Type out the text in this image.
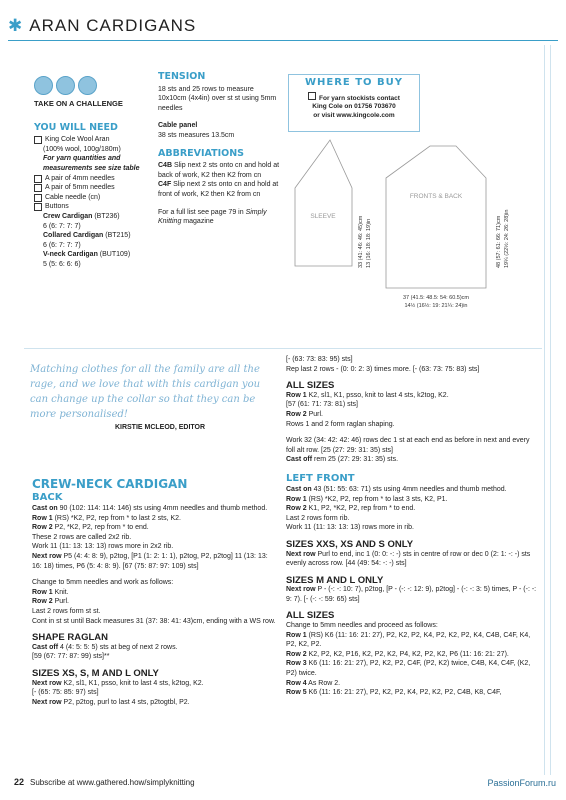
✱ ARAN CARDIGANS
TAKE ON A CHALLENGE
YOU WILL NEED
King Cole Wool Aran
(100% wool, 100g/180m)
For yarn quantities and measurements see size table
A pair of 4mm needles
A pair of 5mm needles
Cable needle (cn)
Buttons
Crew Cardigan (BT236)
6 (6: 7: 7: 7)
Collared Cardigan (BT215)
6 (6: 7: 7: 7)
V-neck Cardigan (BUT109)
5 (5: 6: 6: 6)
TENSION
18 sts and 25 rows to measure 10x10cm (4x4in) over st st using 5mm needles
Cable panel
38 sts measures 13.5cm
ABBREVIATIONS
C4B Slip next 2 sts onto cn and hold at back of work, K2 then K2 from cn
C4F Slip next 2 sts onto cn and hold at front of work, K2 then K2 from cn
For a full list see page 79 in Simply Knitting magazine
WHERE TO BUY
For yarn stockists contact
King Cole on 01756 703670
or visit www.kingcole.com
SLEEVE	33 (41: 46: 46: 45)cm 13 (16: 18: 18: 19)in
FRONTS & BACK
48 (57: 61: 66: 71)cm 19¼ (22½: 24: 26: 28)in
37 (41.5: 48.5: 54: 60.5)cm
14½ (16½: 19: 21¼: 24)in
Matching clothes for all the family are all the rage, and we love that with this cardigan you can change up the collar so that they can be more personalised!
KIRSTIE MCLEOD, EDITOR
CREW-NECK CARDIGAN
BACK
Cast on 90 (102: 114: 114: 146) sts using 4mm needles and thumb method.
Row 1 (RS) *K2, P2, rep from * to last 2 sts, K2.
Row 2 P2, *K2, P2, rep from * to end.
These 2 rows are called 2x2 rib.
Work 11 (11: 13: 13: 13) rows more in 2x2 rib.
Next row P5 (4: 4: 8: 9), p2tog, [P1 (1: 2: 1: 1), p2tog, P2, p2tog] 11 (13: 13: 16: 18) times, P6 (5: 4: 8: 9). [67 (75: 87: 97: 109) sts]
Change to 5mm needles and work as follows:
Row 1 Knit.
Row 2 Purl.
Last 2 rows form st st.
Cont in st st until Back measures 31 (37: 38: 41: 43)cm, ending with a WS row.
SHAPE RAGLAN
Cast off 4 (4: 5: 5: 5) sts at beg of next 2 rows.
[59 (67: 77: 87: 99) sts]**
SIZES XS, S, M AND L ONLY
Next row K2, sl1, K1, psso, knit to last 4 sts, k2tog, K2.
[- (65: 75: 85: 97) sts]
Next row P2, p2tog, purl to last 4 sts, p2togtbl, P2.
[- (63: 73: 83: 95) sts]
Rep last 2 rows - (0: 0: 2: 3) times more. [- (63: 73: 75: 83) sts]
ALL SIZES
Row 1 K2, sl1, K1, psso, knit to last 4 sts, k2tog, K2.
[57 (61: 71: 73: 81) sts]
Row 2 Purl.
Rows 1 and 2 form raglan shaping.
Work 32 (34: 42: 42: 46) rows dec 1 st at each end as before in next and every foll alt row. [25 (27: 29: 31: 35) sts]
Cast off rem 25 (27: 29: 31: 35) sts.
LEFT FRONT
Cast on 43 (51: 55: 63: 71) sts using 4mm needles and thumb method.
Row 1 (RS) *K2, P2, rep from * to last 3 sts, K2, P1.
Row 2 K1, P2, *K2, P2, rep from * to end.
Last 2 rows form rib.
Work 11 (11: 13: 13: 13) rows more in rib.
SIZES XXS, XS AND S ONLY
Next row Purl to end, inc 1 (0: 0: -: -) sts in centre of row or dec 0 (2: 1: -: -) sts evenly across row. [44 (49: 54: -: -) sts]
SIZES M AND L ONLY
Next row P - (-: -: 10: 7), p2tog, [P - (-: -: 12: 9), p2tog] - (-: -: 3: 5) times, P - (-: -: 9: 7). [- (-: -: 59: 65) sts]
ALL SIZES
Change to 5mm needles and proceed as follows:
Row 1 (RS) K6 (11: 16: 21: 27), P2, K2, P2, K4, P2, K2, P2, K4, C4B, C4F, K4, P2, K2, P2.
Row 2 K2, P2, K2, P16, K2, P2, K2, P4, K2, P2, K2, P6 (11: 16: 21: 27).
Row 3 K6 (11: 16: 21: 27), P2, K2, P2, C4F, (P2, K2) twice, C4B, K4, C4F, (K2, P2) twice.
Row 4 As Row 2.
Row 5 K6 (11: 16: 21: 27), P2, K2, P2, K4, P2, K2, P2, C4B, K8, C4F,
22 Subscribe at www.gathered.how/simplyknitting	PassionForum.ru
